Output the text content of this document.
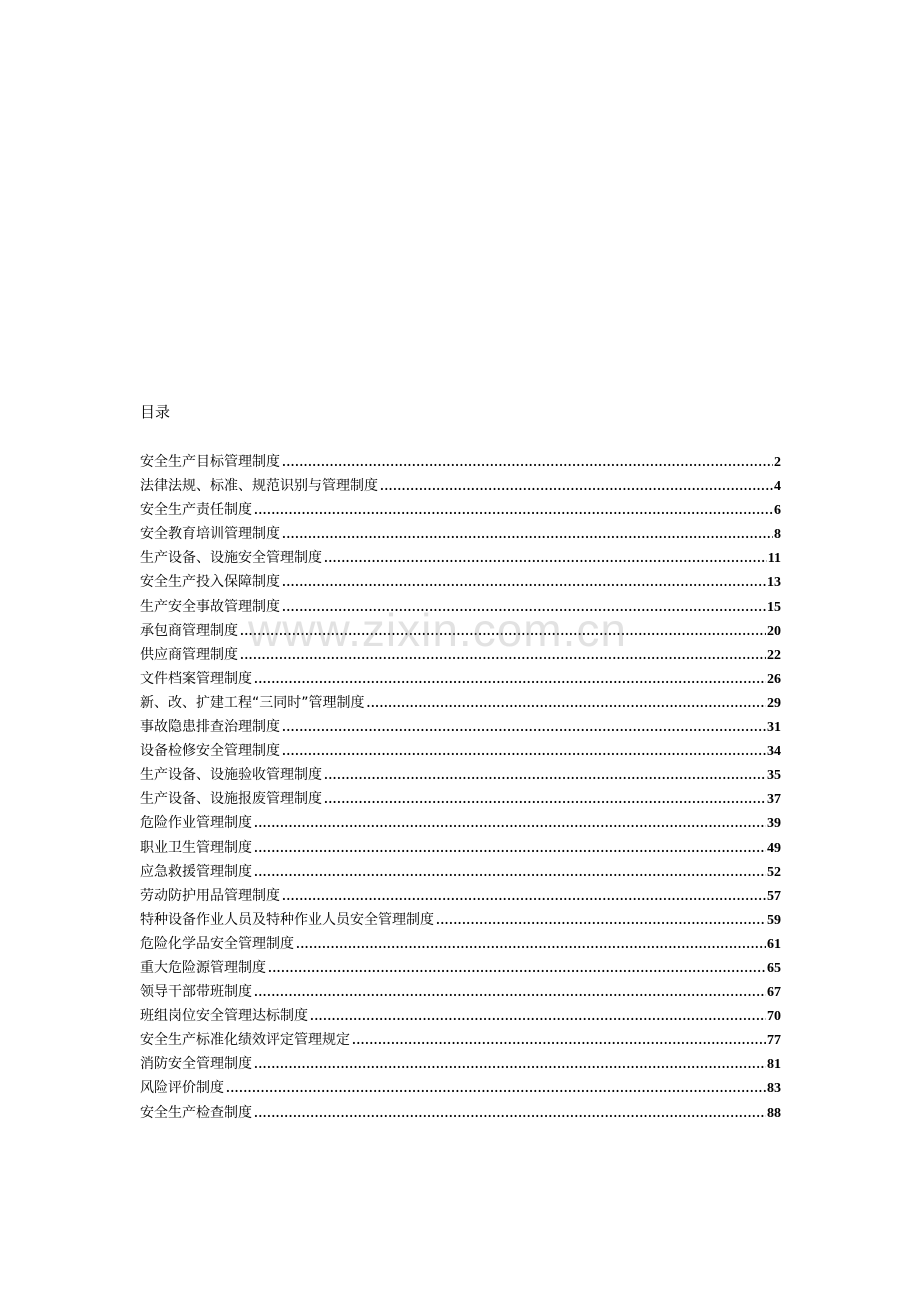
目录
安全生产目标管理制度 .....	2
法律法规、标准、规范识别与管理制度 .....	4
安全生产责任制度 .....	6
安全教育培训管理制度 .....	8
生产设备、设施安全管理制度 .....	11
安全生产投入保障制度 .....	13
生产安全事故管理制度 .....	15
承包商管理制度 .....	20
供应商管理制度 .....	22
文件档案管理制度 .....	26
新、改、扩建工程“三同时”管理制度 .....	29
事故隐患排查治理制度 .....	31
设备检修安全管理制度 .....	34
生产设备、设施验收管理制度 .....	35
生产设备、设施报废管理制度 .....	37
危险作业管理制度 .....	39
职业卫生管理制度 .....	49
应急救援管理制度 .....	52
劳动防护用品管理制度 .....	57
特种设备作业人员及特种作业人员安全管理制度 .....	59
危险化学品安全管理制度 .....	61
重大危险源管理制度 .....	65
领导干部带班制度 .....	67
班组岗位安全管理达标制度 .....	70
安全生产标准化绩效评定管理规定 .....	77
消防安全管理制度 .....	81
风险评价制度 .....	83
安全生产检查制度 .....	88
www.zixin.com.cn
